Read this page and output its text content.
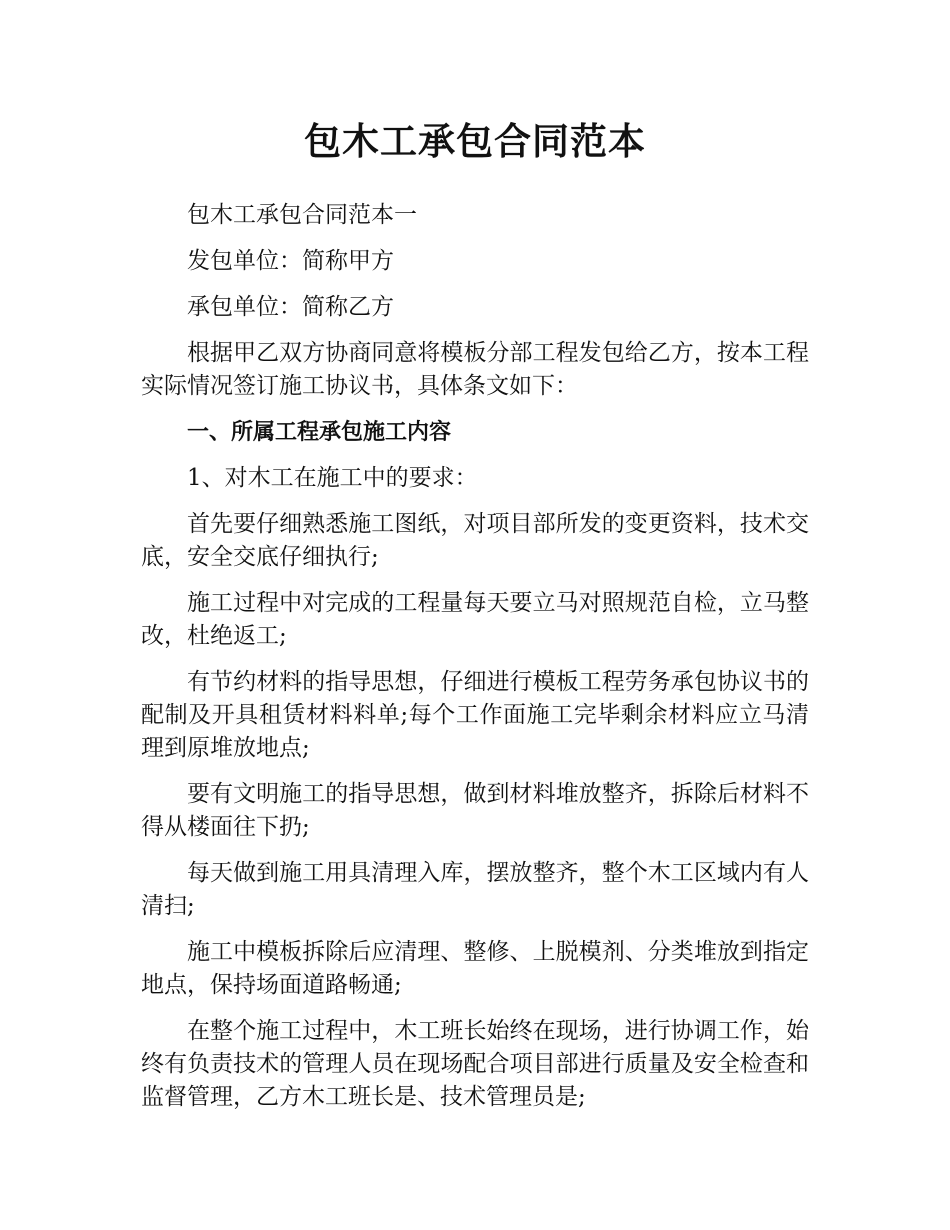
包木工承包合同范本

包木工承包合同范本一

发包单位：简称甲方

承包单位：简称乙方

根据甲乙双方协商同意将模板分部工程发包给乙方，按本工程实际情况签订施工协议书，具体条文如下：

一、所属工程承包施工内容

1、对木工在施工中的要求：

首先要仔细熟悉施工图纸，对项目部所发的变更资料，技术交底，安全交底仔细执行;

施工过程中对完成的工程量每天要立马对照规范自检，立马整改，杜绝返工;

有节约材料的指导思想，仔细进行模板工程劳务承包协议书的配制及开具租赁材料料单;每个工作面施工完毕剩余材料应立马清理到原堆放地点;

要有文明施工的指导思想，做到材料堆放整齐，拆除后材料不得从楼面往下扔;

每天做到施工用具清理入库，摆放整齐，整个木工区域内有人清扫;

施工中模板拆除后应清理、整修、上脱模剂、分类堆放到指定地点，保持场面道路畅通;

在整个施工过程中，木工班长始终在现场，进行协调工作，始终有负责技术的管理人员在现场配合项目部进行质量及安全检查和监督管理，乙方木工班长是、技术管理员是;
